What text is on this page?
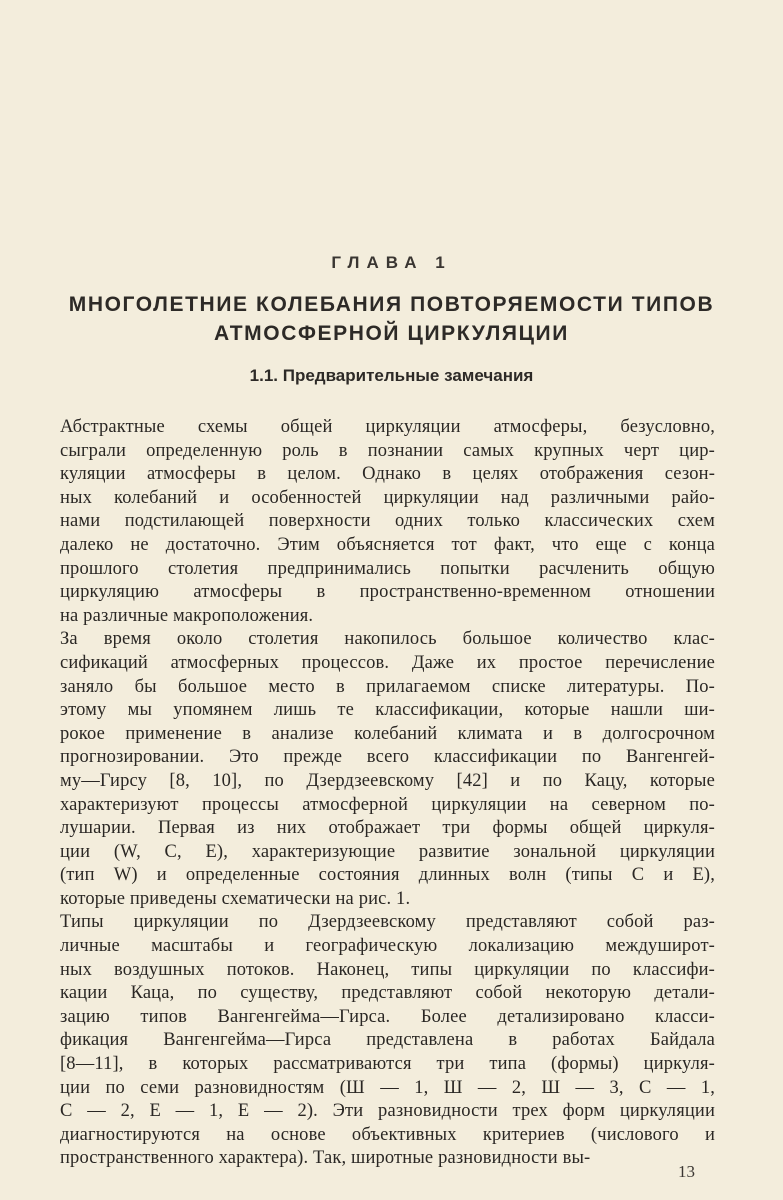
ГЛАВА 1
МНОГОЛЕТНИЕ КОЛЕБАНИЯ ПОВТОРЯЕМОСТИ ТИПОВ
АТМОСФЕРНОЙ ЦИРКУЛЯЦИИ
1.1. Предварительные замечания

Абстрактные схемы общей циркуляции атмосферы, безусловно,
сыграли определенную роль в познании самых крупных черт цир-
куляции атмосферы в целом. Однако в целях отображения сезон-
ных колебаний и особенностей циркуляции над различными райо-
нами подстилающей поверхности одних только классических схем
далеко не достаточно. Этим объясняется тот факт, что еще с конца
прошлого столетия предпринимались попытки расчленить общую
циркуляцию атмосферы в пространственно-временном отношении
на различные макроположения.

За время около столетия накопилось большое количество клас-
сификаций атмосферных процессов. Даже их простое перечисление
заняло бы большое место в прилагаемом списке литературы. По-
этому мы упомянем лишь те классификации, которые нашли ши-
рокое применение в анализе колебаний климата и в долгосрочном
прогнозировании. Это прежде всего классификации по Вангенгей-
му—Гирсу [8, 10], по Дзердзеевскому [42] и по Кацу, которые
характеризуют процессы атмосферной циркуляции на северном по-
лушарии. Первая из них отображает три формы общей циркуля-
ции (W, C, E), характеризующие развитие зональной циркуляции
(тип W) и определенные состояния длинных волн (типы C и E),
которые приведены схематически на рис. 1.

Типы циркуляции по Дзердзеевскому представляют собой раз-
личные масштабы и географическую локализацию междуширот-
ных воздушных потоков. Наконец, типы циркуляции по классифи-
кации Каца, по существу, представляют собой некоторую детали-
зацию типов Вангенгейма—Гирса. Более детализировано класси-
фикация Вангенгейма—Гирса представлена в работах Байдала
[8—11], в которых рассматриваются три типа (формы) циркуля-
ции по семи разновидностям (Ш — 1, Ш — 2, Ш — 3, С — 1,
С — 2, Е — 1, Е — 2). Эти разновидности трех форм циркуляции
диагностируются на основе объективных критериев (числового и
пространственного характера). Так, широтные разновидности вы-

13
